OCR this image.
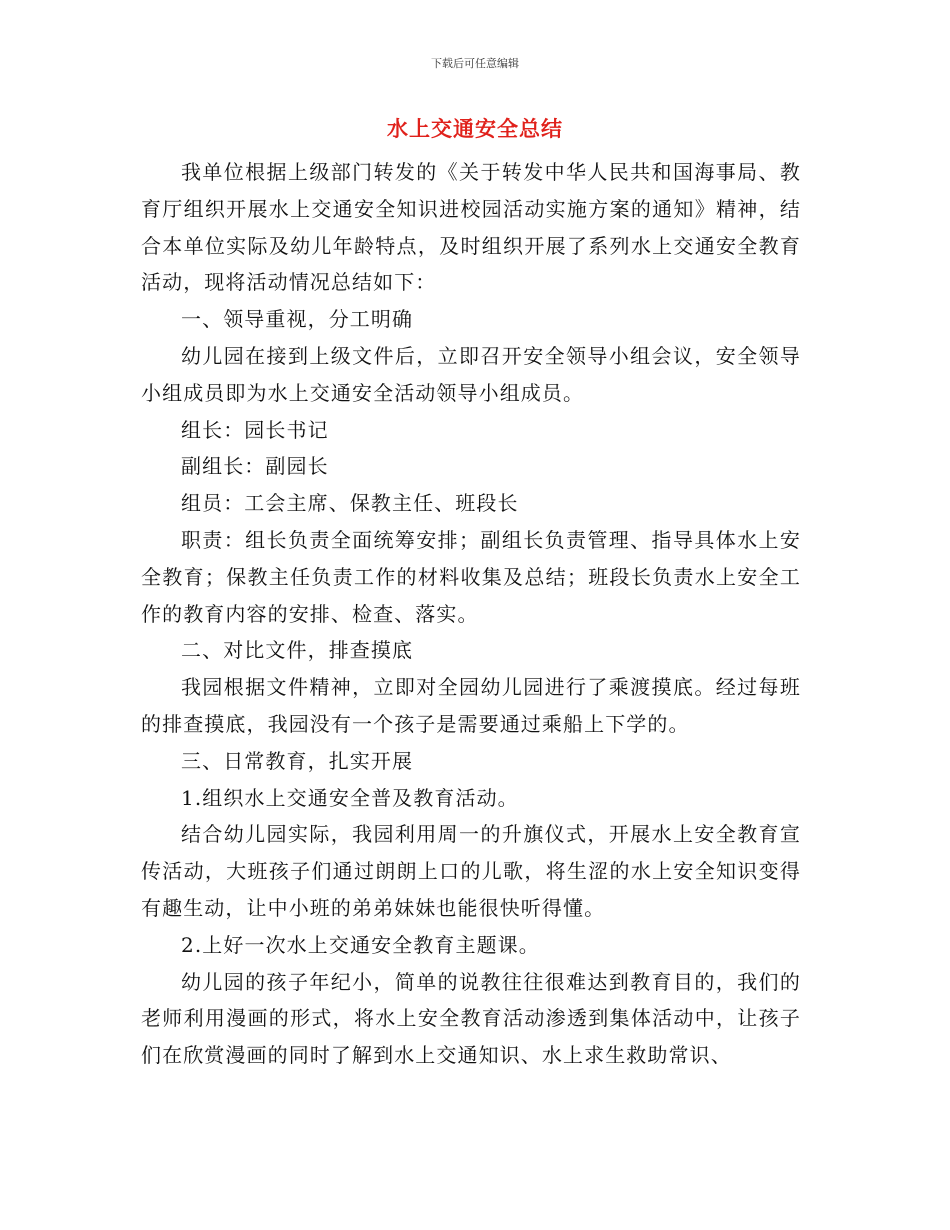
下载后可任意编辑
水上交通安全总结

我单位根据上级部门转发的《关于转发中华人民共和国海事局、教育厅组织开展水上交通安全知识进校园活动实施方案的通知》精神，结合本单位实际及幼儿年龄特点，及时组织开展了系列水上交通安全教育活动，现将活动情况总结如下：

一、领导重视，分工明确

幼儿园在接到上级文件后，立即召开安全领导小组会议，安全领导小组成员即为水上交通安全活动领导小组成员。

组长：园长书记

副组长：副园长

组员：工会主席、保教主任、班段长

职责：组长负责全面统筹安排；副组长负责管理、指导具体水上安全教育；保教主任负责工作的材料收集及总结；班段长负责水上安全工作的教育内容的安排、检查、落实。

二、对比文件，排查摸底

我园根据文件精神，立即对全园幼儿园进行了乘渡摸底。经过每班的排查摸底，我园没有一个孩子是需要通过乘船上下学的。

三、日常教育，扎实开展

1.组织水上交通安全普及教育活动。

结合幼儿园实际，我园利用周一的升旗仪式，开展水上安全教育宣传活动，大班孩子们通过朗朗上口的儿歌，将生涩的水上安全知识变得有趣生动，让中小班的弟弟妹妹也能很快听得懂。

2.上好一次水上交通安全教育主题课。

幼儿园的孩子年纪小，简单的说教往往很难达到教育目的，我们的老师利用漫画的形式，将水上安全教育活动渗透到集体活动中，让孩子们在欣赏漫画的同时了解到水上交通知识、水上求生救助常识、
